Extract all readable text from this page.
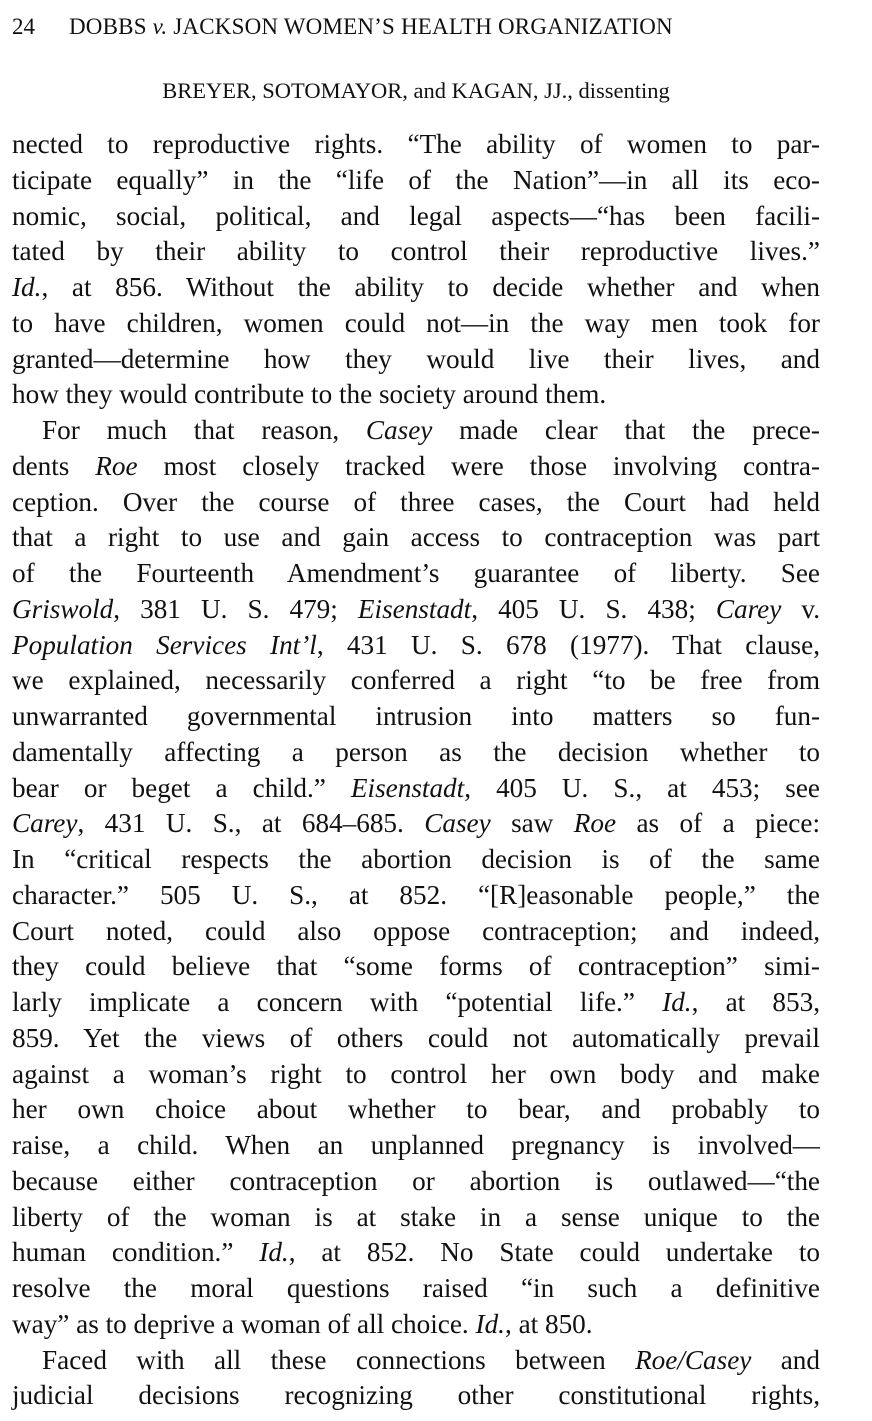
24 DOBBS v. JACKSON WOMEN’S HEALTH ORGANIZATION
BREYER, SOTOMAYOR, and KAGAN, JJ., dissenting
nected to reproductive rights. “The ability of women to par-
ticipate equally” in the “life of the Nation”—in all its eco-
nomic, social, political, and legal aspects—“has been facili-
tated by their ability to control their reproductive lives.”
Id., at 856. Without the ability to decide whether and when
to have children, women could not—in the way men took for
granted—determine how they would live their lives, and
how they would contribute to the society around them.
For much that reason, Casey made clear that the prece-
dents Roe most closely tracked were those involving contra-
ception. Over the course of three cases, the Court had held
that a right to use and gain access to contraception was part
of the Fourteenth Amendment’s guarantee of liberty. See
Griswold, 381 U. S. 479; Eisenstadt, 405 U. S. 438; Carey v.
Population Services Int’l, 431 U. S. 678 (1977). That clause,
we explained, necessarily conferred a right “to be free from
unwarranted governmental intrusion into matters so fun-
damentally affecting a person as the decision whether to
bear or beget a child.” Eisenstadt, 405 U. S., at 453; see
Carey, 431 U. S., at 684–685. Casey saw Roe as of a piece:
In “critical respects the abortion decision is of the same
character.” 505 U. S., at 852. “[R]easonable people,” the
Court noted, could also oppose contraception; and indeed,
they could believe that “some forms of contraception” simi-
larly implicate a concern with “potential life.” Id., at 853,
859. Yet the views of others could not automatically prevail
against a woman’s right to control her own body and make
her own choice about whether to bear, and probably to
raise, a child. When an unplanned pregnancy is involved—
because either contraception or abortion is outlawed—“the
liberty of the woman is at stake in a sense unique to the
human condition.” Id., at 852. No State could undertake to
resolve the moral questions raised “in such a definitive
way” as to deprive a woman of all choice. Id., at 850.
Faced with all these connections between Roe/Casey and
judicial decisions recognizing other constitutional rights,
